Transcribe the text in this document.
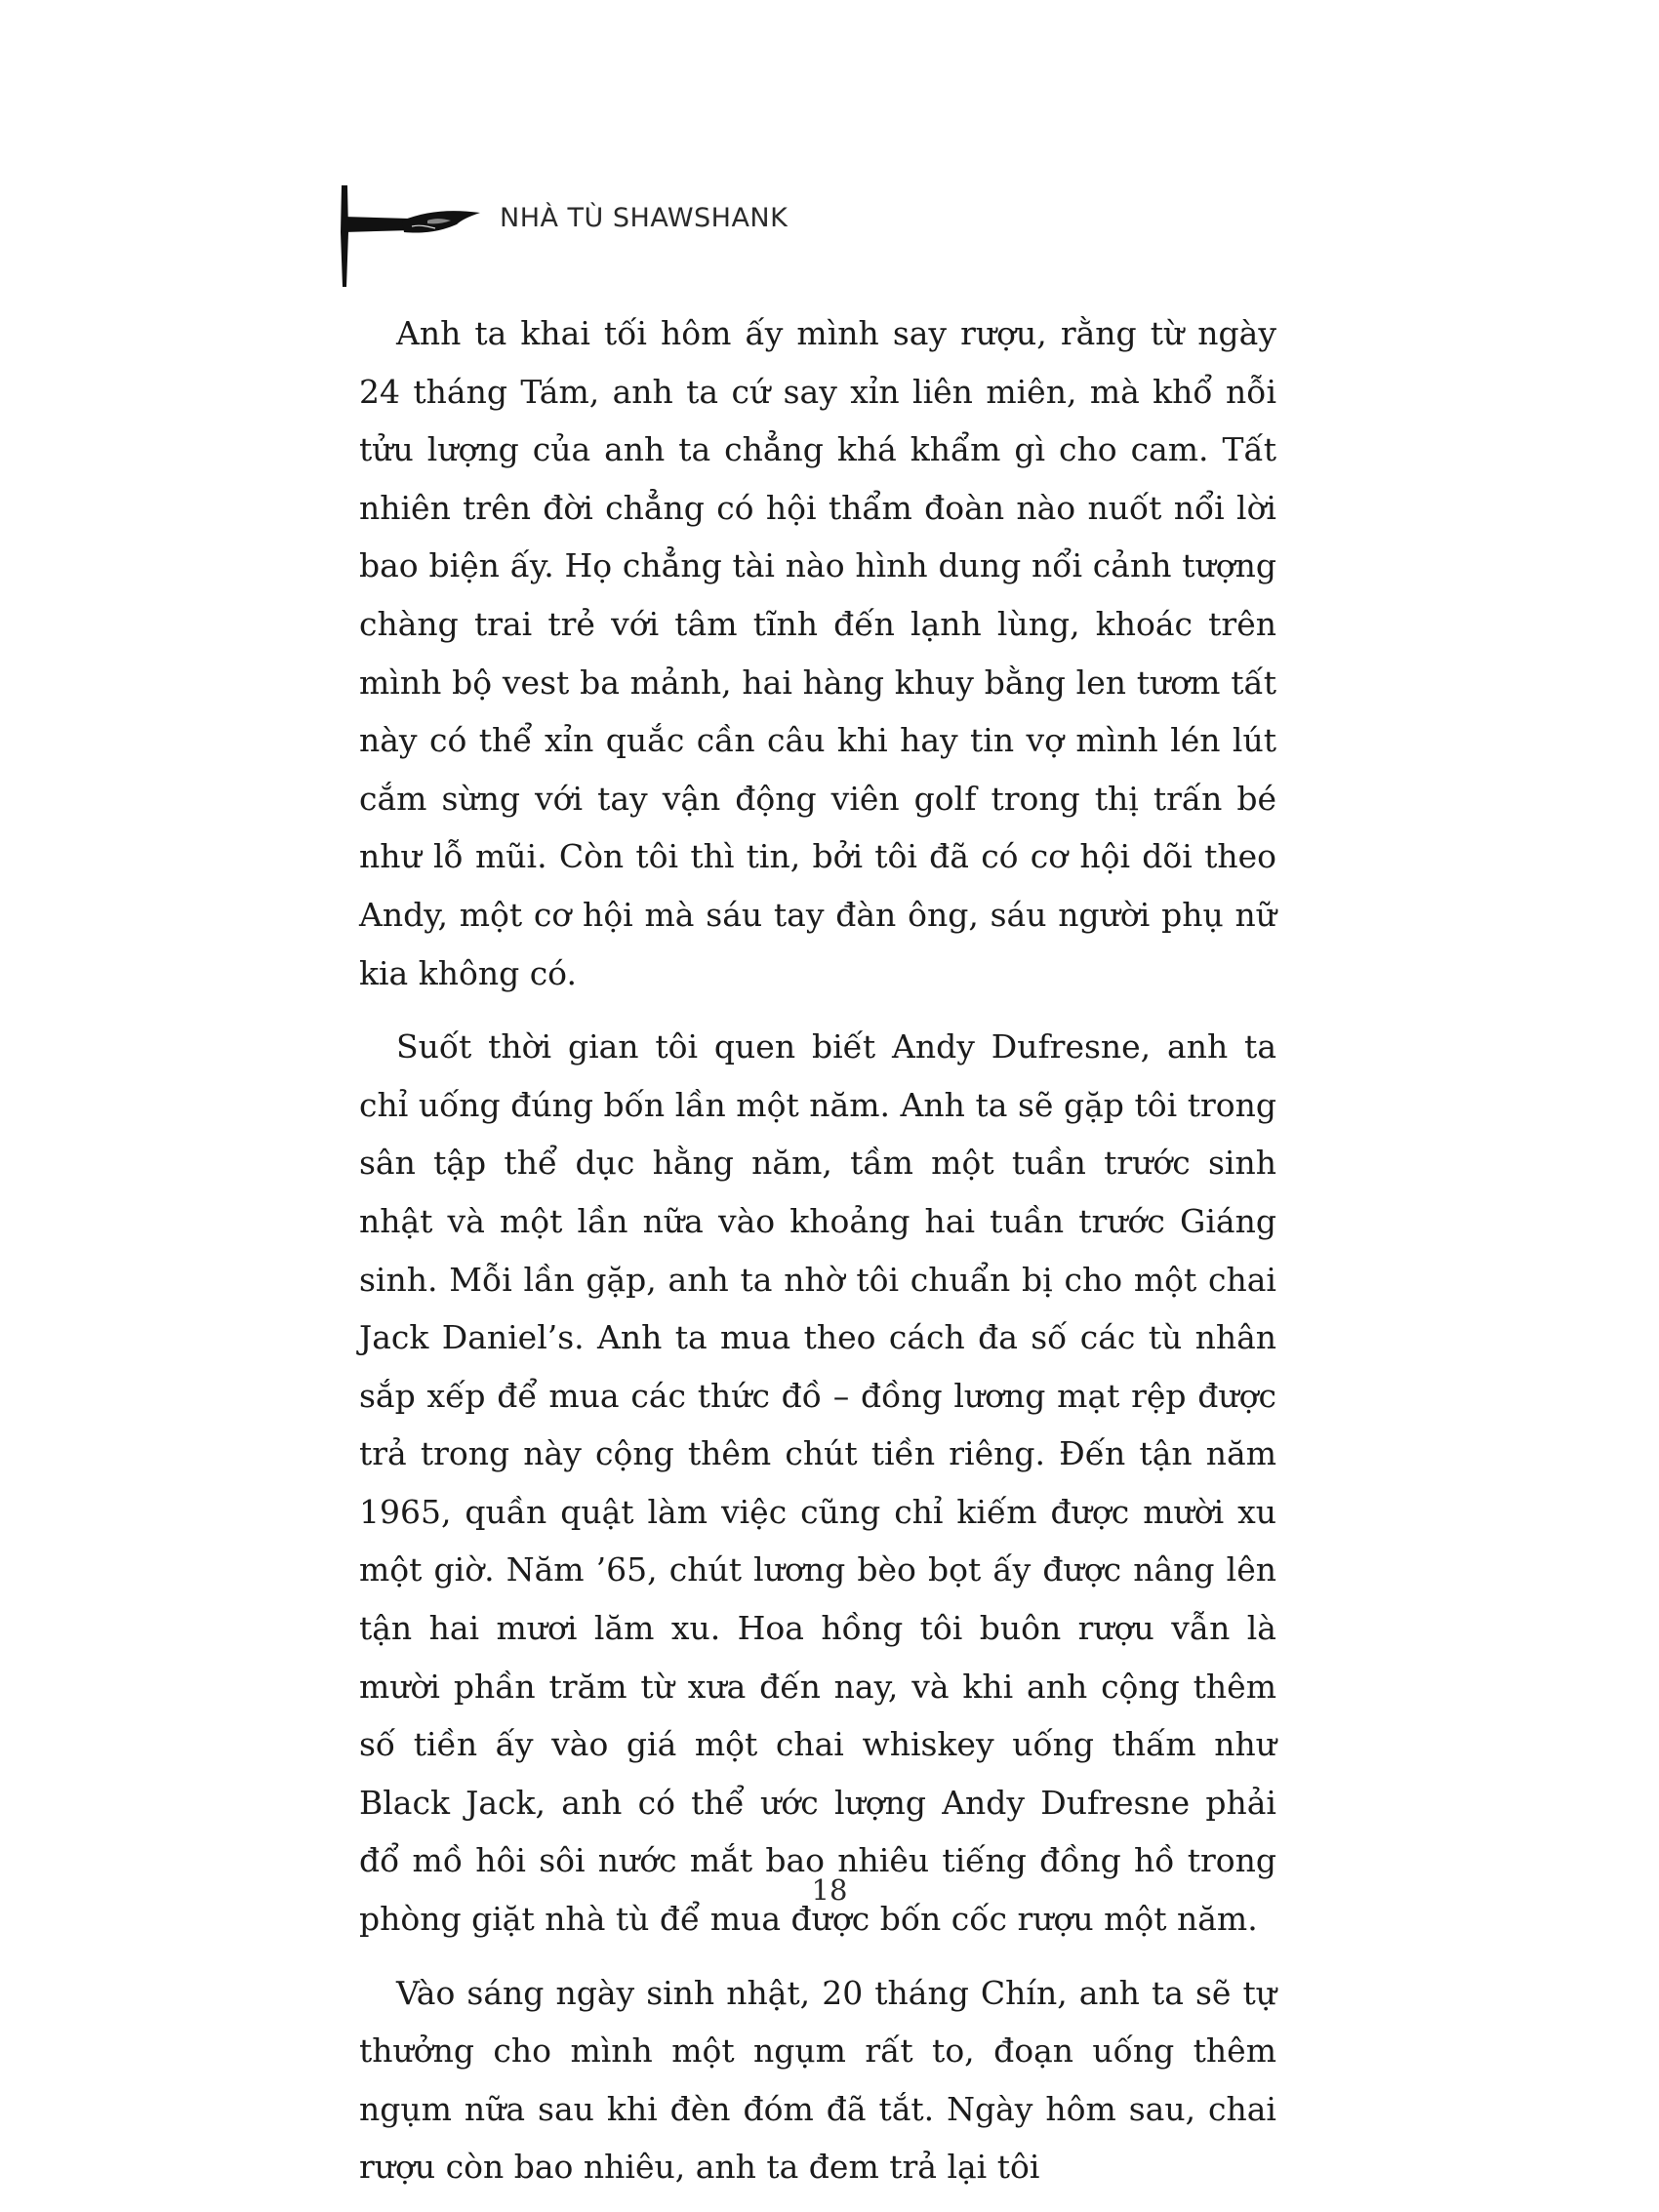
NHÀ TÙ SHAWSHANK

Anh ta khai tối hôm ấy mình say rượu, rằng từ ngày 24 tháng Tám, anh ta cứ say xỉn liên miên, mà khổ nỗi tửu lượng của anh ta chẳng khá khẩm gì cho cam. Tất nhiên trên đời chẳng có hội thẩm đoàn nào nuốt nổi lời bao biện ấy. Họ chẳng tài nào hình dung nổi cảnh tượng chàng trai trẻ với tâm tĩnh đến lạnh lùng, khoác trên mình bộ vest ba mảnh, hai hàng khuy bằng len tươm tất này có thể xỉn quắc cần câu khi hay tin vợ mình lén lút cắm sừng với tay vận động viên golf trong thị trấn bé như lỗ mũi. Còn tôi thì tin, bởi tôi đã có cơ hội dõi theo Andy, một cơ hội mà sáu tay đàn ông, sáu người phụ nữ kia không có.

Suốt thời gian tôi quen biết Andy Dufresne, anh ta chỉ uống đúng bốn lần một năm. Anh ta sẽ gặp tôi trong sân tập thể dục hằng năm, tầm một tuần trước sinh nhật và một lần nữa vào khoảng hai tuần trước Giáng sinh. Mỗi lần gặp, anh ta nhờ tôi chuẩn bị cho một chai Jack Daniel’s. Anh ta mua theo cách đa số các tù nhân sắp xếp để mua các thức đồ – đồng lương mạt rệp được trả trong này cộng thêm chút tiền riêng. Đến tận năm 1965, quần quật làm việc cũng chỉ kiếm được mười xu một giờ. Năm ’65, chút lương bèo bọt ấy được nâng lên tận hai mươi lăm xu. Hoa hồng tôi buôn rượu vẫn là mười phần trăm từ xưa đến nay, và khi anh cộng thêm số tiền ấy vào giá một chai whiskey uống thấm như Black Jack, anh có thể ước lượng Andy Dufresne phải đổ mồ hôi sôi nước mắt bao nhiêu tiếng đồng hồ trong phòng giặt nhà tù để mua được bốn cốc rượu một năm.

Vào sáng ngày sinh nhật, 20 tháng Chín, anh ta sẽ tự thưởng cho mình một ngụm rất to, đoạn uống thêm ngụm nữa sau khi đèn đóm đã tắt. Ngày hôm sau, chai rượu còn bao nhiêu, anh ta đem trả lại tôi

18
